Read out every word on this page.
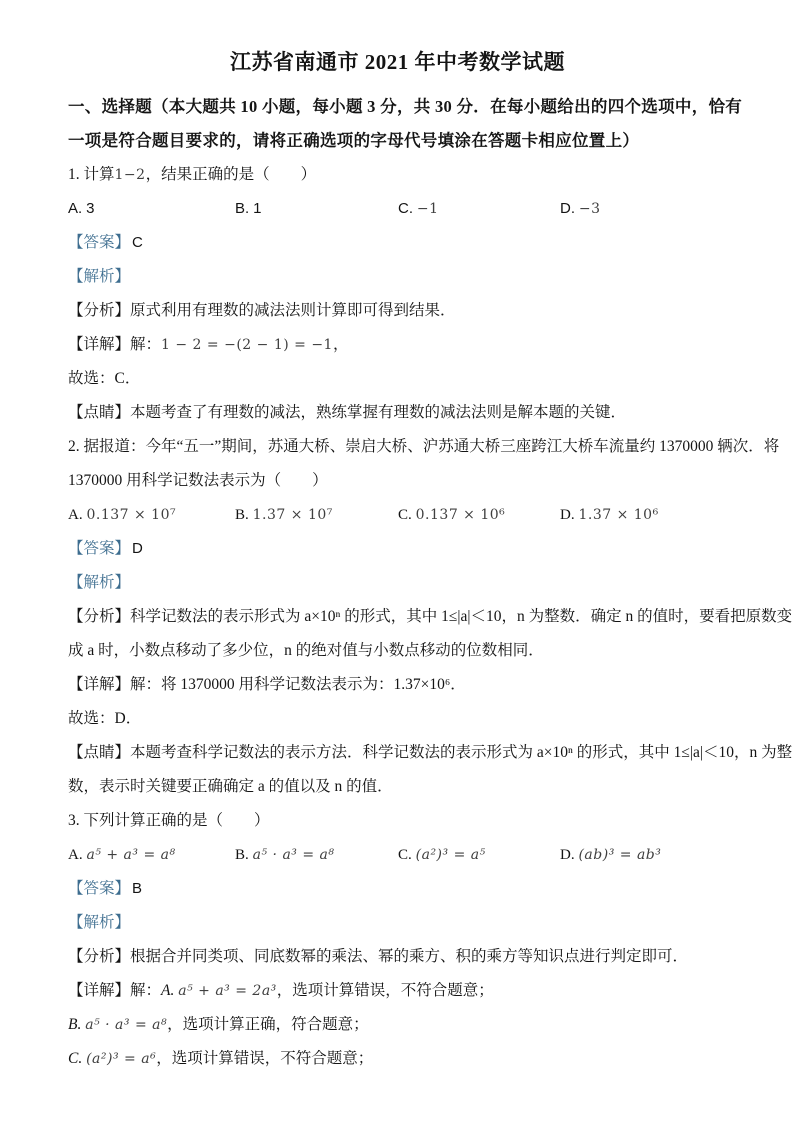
江苏省南通市 2021 年中考数学试题
一、选择题（本大题共 10 小题，每小题 3 分，共 30 分．在每小题给出的四个选项中，恰有
一项是符合题目要求的，请将正确选项的字母代号填涂在答题卡相应位置上）
1. 计算1−2，结果正确的是（　　）
A. 3	B. 1	C. −1	D. −3
【答案】 C
【解析】
【分析】原式利用有理数的减法法则计算即可得到结果．
【详解】解：1 − 2 = −(2 − 1) = −1，
故选：C．
【点睛】本题考查了有理数的减法，熟练掌握有理数的减法法则是解本题的关键．
2. 据报道：今年“五一”期间，苏通大桥、崇启大桥、沪苏通大桥三座跨江大桥车流量约 1370000 辆次．将
1370000 用科学记数法表示为（　　）
A. 0.137 × 10⁷	B. 1.37 × 10⁷	C. 0.137 × 10⁶	D. 1.37 × 10⁶
【答案】 D
【解析】
【分析】科学记数法的表示形式为 a×10ⁿ 的形式，其中 1≤|a|＜10，n 为整数．确定 n 的值时，要看把原数变
成 a 时，小数点移动了多少位，n 的绝对值与小数点移动的位数相同．
【详解】解：将 1370000 用科学记数法表示为：1.37×10⁶．
故选：D．
【点睛】本题考查科学记数法的表示方法．科学记数法的表示形式为 a×10ⁿ 的形式，其中 1≤|a|＜10，n 为整
数，表示时关键要正确确定 a 的值以及 n 的值．
3. 下列计算正确的是（　　）
A. a⁵ + a³ = a⁸	B. a⁵ · a³ = a⁸	C. (a²)³ = a⁵	D. (ab)³ = ab³
【答案】 B
【解析】
【分析】根据合并同类项、同底数幂的乘法、幂的乘方、积的乘方等知识点进行判定即可．
【详解】解：A. a⁵ + a³ = 2a³，选项计算错误，不符合题意；
B. a⁵ · a³ = a⁸，选项计算正确，符合题意；
C. (a²)³ = a⁶，选项计算错误，不符合题意；
